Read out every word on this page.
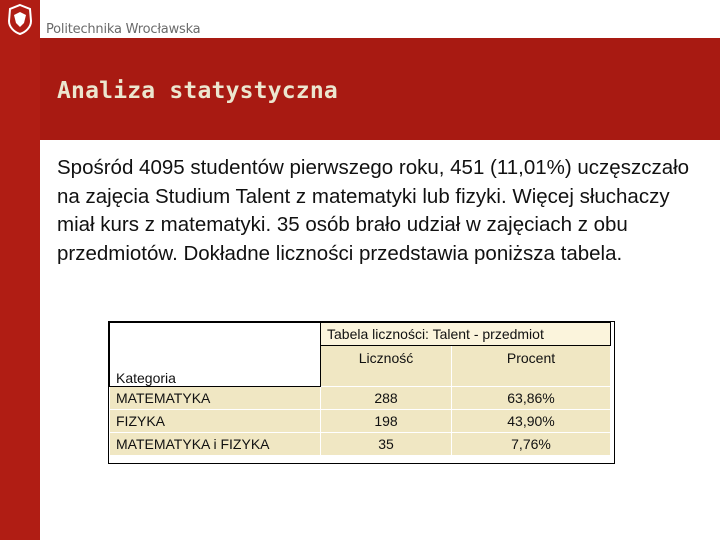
Politechnika Wrocławska
Analiza statystyczna
Spośród 4095 studentów pierwszego roku, 451 (11,01%) uczęszczało na zajęcia Studium Talent z matematyki lub fizyki. Więcej słuchaczy miał kurs z matematyki. 35 osób brało udział w zajęciach z obu przedmiotów. Dokładne liczności przedstawia poniższa tabela.
Kategoria	Tabela liczności: Talent - przedmiot	
	Liczność	Procent
MATEMATYKA	288	63,86%
FIZYKA	198	43,90%
MATEMATYKA i FIZYKA	35	7,76%
